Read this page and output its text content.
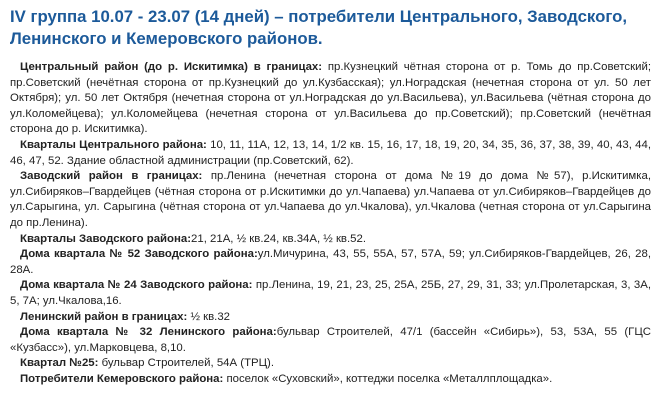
IV группа 10.07 - 23.07 (14 дней) – потребители Центрального, Заводского, Ленинского и Кемеровского районов.

Центральный район (до р. Искитимка) в границах: пр.Кузнецкий чётная сторона от р. Томь до пр.Советский; пр.Советский (нечётная сторона от пр.Кузнецкий до ул.Кузбасская); ул.Ноградская (нечетная сторона от ул. 50 лет Октября); ул. 50 лет Октября (нечетная сторона от ул.Ноградская до ул.Васильева), ул.Васильева (чётная сторона до ул.Коломейцева); ул.Коломейцева (нечетная сторона от ул.Васильева до пр.Советский); пр.Советский (нечётная сторона до р. Искитимка).

Кварталы Центрального района: 10, 11, 11А, 12, 13, 14, 1/2 кв. 15, 16, 17, 18, 19, 20, 34, 35, 36, 37, 38, 39, 40, 43, 44, 46, 47, 52. Здание областной администрации (пр.Советский, 62).

Заводский район в границах: пр.Ленина (нечетная сторона от дома №19 до дома №57), р.Искитимка, ул.Сибиряков–Гвардейцев (чётная сторона от р.Искитимки до ул.Чапаева) ул.Чапаева от ул.Сибиряков–Гвардейцев до ул.Сарыгина, ул. Сарыгина (чётная сторона от ул.Чапаева до ул.Чкалова), ул.Чкалова (четная сторона от ул.Сарыгина до пр.Ленина).

Кварталы Заводского района:21, 21А, ½ кв.24, кв.34А, ½ кв.52.

Дома квартала № 52 Заводского района:ул.Мичурина, 43, 55, 55А, 57, 57А, 59; ул.Сибиряков-Гвардейцев, 26, 28, 28А.

Дома квартала № 24 Заводского района: пр.Ленина, 19, 21, 23, 25, 25А, 25Б, 27, 29, 31, 33; ул.Пролетарская, 3, 3А, 5, 7А; ул.Чкалова,16.

Ленинский район в границах: ½ кв.32

Дома квартала № 32 Ленинского района:бульвар Строителей, 47/1 (бассейн «Сибирь»), 53, 53А, 55 (ГЦС «Кузбасс»), ул.Марковцева, 8,10.

Квартал №25: бульвар Строителей, 54А (ТРЦ).

Потребители Кемеровского района: поселок «Суховский», коттеджи поселка «Металлплощадка».
